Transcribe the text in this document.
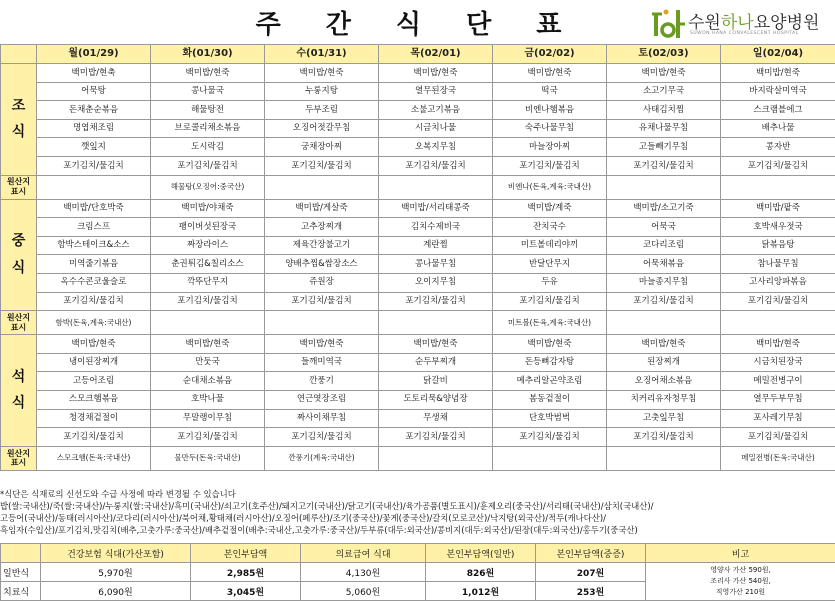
주 간 식 단 표	수원하나요양병원
SUWON HANA CONVALESCENT HOSPITAL
	월(01/29)	화(01/30)	수(01/31)	목(02/01)	금(02/02)	토(02/03)	일(02/04)
조
식	백미밥/현축	백미밥/현죽	백미밥/현죽	백미밥/현죽	백미밥/현죽	백미밥/현죽	백미밥/현죽
	어묵탕	콩나물국	누룽지탕	열무된장국	떡국	소고기무국	바지락살미역국
	돈채춘순볶음	해물탕전	두부조림	소불고기볶음	비엔나햄볶음	사태김치찜	스크램블에그
	명엽채조림	브로콜리채소볶음	오징어젓갈무침	시금치나물	숙주나물무침	유채나물무침	배추나물
	깻잎지	도시락김	궁채장아찌	오복지무침	마늘장아찌	고들빼기무침	콩자반
	포기김치/물김치	포기김치/물김치	포기김치/물김치	포기김치/물김치	포기김치/물김치	포기김치/물김치	포기김치/물김치
원산지
표시		해물탕(오징어:중국산)			비엔나(돈육,계육:국내산)		
중
식	백미밥/단호박죽	백미밥/야채죽	백미밥/게살죽	백미밥/서리태콩죽	백미밥/계죽	백미밥/소고기죽	백미밥/팥죽
	크림스프	팽이버섯된장국	고추장찌개	김치수제비국	잔치국수	어묵국	호박새우젓국
	함박스테이크&소스	짜장라이스	제육간장불고기	계란찜	미트볼데리야끼	코다리조림	닭볶음탕
	미역줄기볶음	춘권튀김&칠리소스	양배추찜&쌈장소스	콩나물무침	반달단무지	어묵채볶음	참나물무침
	옥수수콘코울슬로	깍뚜단무지	쥬원장	오이지무침	두유	마늘종지무침	고사리앙파볶음
	포기김치/물김치	포기김치/물김치	포기김치/물김치	포기김치/물김치	포기김치/물김치	포기김치/물김치	포기김치/물김치
원산지
표시	함박(돈육,계육:국내산)				미트볼(돈육,계육:국내산)		
석
식	백미밥/현죽	백미밥/현죽	백미밥/현죽	백미밥/현죽	백미밥/현죽	백미밥/현죽	백미밥/현죽
	냉이된장찌개	만둣국	들깨미역국	순두부찌개	돈등뼈감자탕	된장찌개	시금치된장국
	고등어조림	순대채소볶음	깐풍기	닭갈비	메추리알곤약조림	오징어채소볶음	메밀전병구이
	스모크햄볶음	호박나물	연근엿장조림	도토리묵&양념장	봄동겉절이	치커리유자청무침	열무두부무침
	청경채겉절이	무말랭이무침	짜사이채무침	무생채	단호박범벅	고춧잎무침	포사레기무침
	포기김치/물김치	포기김치/물김치	포기김치/물김치	포기김치/물김치	포기김치/물김치	포기김치/물김치	포기김치/물김치
원산지
표시	스모크햄(돈육:국내산)	물만두(돈육:국내산)	깐풍기(계육:국내산)				메밀전병(돈육:국내산)
*식단은 식재료의 신선도와 수급 사정에 따라 변경될 수 있습니다
밥(쌀:국내산)/죽(쌀:국내산)/누룽지(쌀:국내산)/흑미(국내산)/쇠고기(호주산)/돼지고기(국내산)/닭고기(국내산)/육가공품(별도표시)/훈제오리(중국산)/서리태(국내산)/삼치(국내산)/
고등어(국내산)/동태(러시아산)/코다리(러시아산)/북어채,황태채(러시아산)/오징어(페루산)/조기(중국산)/꽃게(중국산)/갈치(모로코산)/낙지탕(외국산)/적두(캐나다산)/
흑임자(수입산)/포기김치,맛김치(배추,고춧가루:중국산)/배추겉절이(배추:국내산,고춧가루:중국산)/두부류(대두:외국산)/콩비지(대두:외국산)/된장(대두:외국산)/홍두기(중국산)
	건강보험 식대(가산포함)	본인부담액	의료급여 식대	본인부담액(일반)	본인부담액(중증)	비고
일반식	5,970원	2,985원	4,130원	826원	207원	영양사 가산 590원,
조리사 가산 540원,
직영가산 210원

치료식	6,090원	3,045원	5,060원	1,012원	253원	
